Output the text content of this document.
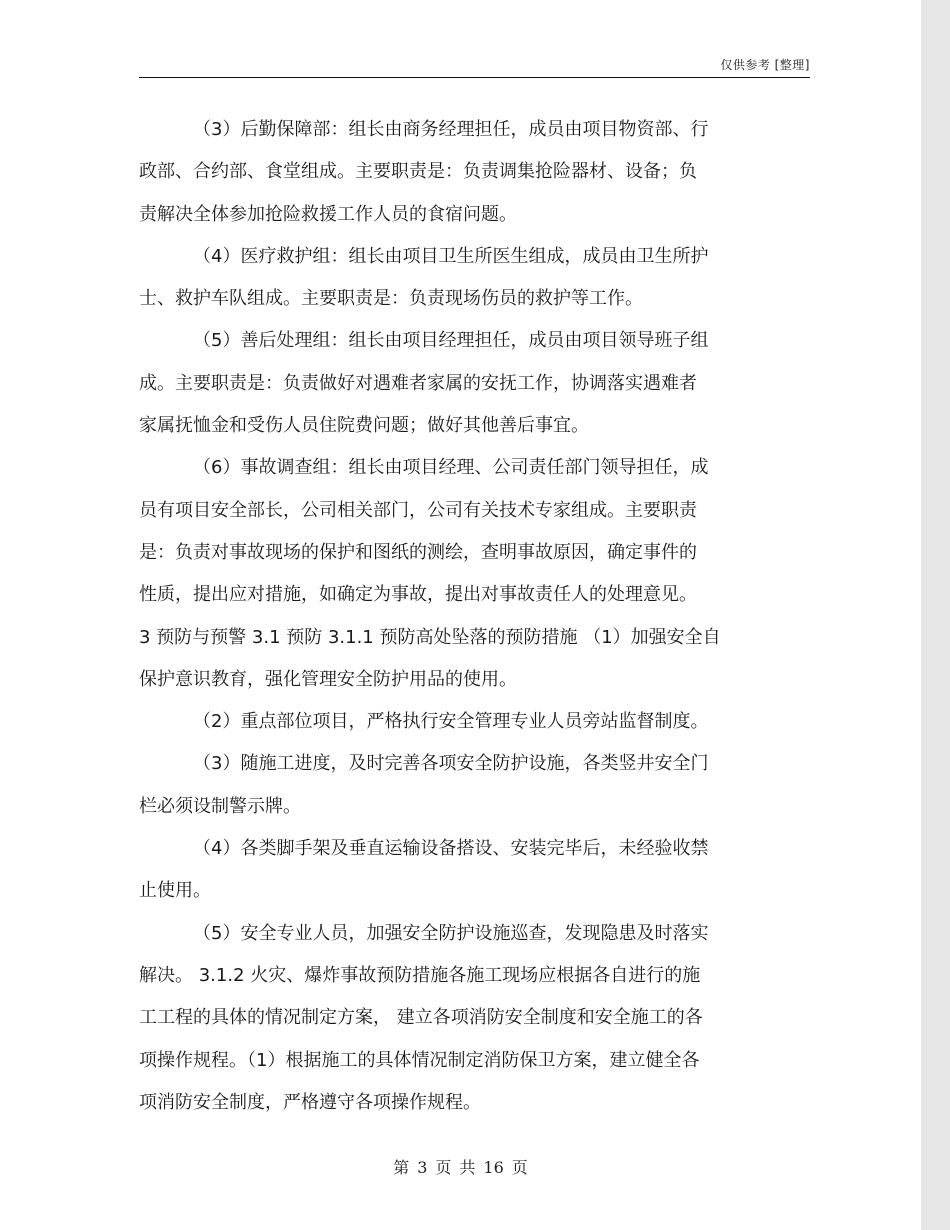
仅供参考 [整理]
（3）后勤保障部：组长由商务经理担任，成员由项目物资部、行
政部、合约部、食堂组成。主要职责是：负责调集抢险器材、设备；负
责解决全体参加抢险救援工作人员的食宿问题。
（4）医疗救护组：组长由项目卫生所医生组成，成员由卫生所护
士、救护车队组成。主要职责是：负责现场伤员的救护等工作。
（5）善后处理组：组长由项目经理担任，成员由项目领导班子组
成。主要职责是：负责做好对遇难者家属的安抚工作，协调落实遇难者
家属抚恤金和受伤人员住院费问题；做好其他善后事宜。
（6）事故调查组：组长由项目经理、公司责任部门领导担任，成
员有项目安全部长，公司相关部门，公司有关技术专家组成。主要职责
是：负责对事故现场的保护和图纸的测绘，查明事故原因，确定事件的
性质，提出应对措施，如确定为事故，提出对事故责任人的处理意见。
3 预防与预警 3.1 预防 3.1.1 预防高处坠落的预防措施 （1）加强安全自
保护意识教育，强化管理安全防护用品的使用。
（2）重点部位项目，严格执行安全管理专业人员旁站监督制度。
（3）随施工进度，及时完善各项安全防护设施，各类竖井安全门
栏必须设制警示牌。
（4）各类脚手架及垂直运输设备搭设、安装完毕后，未经验收禁
止使用。
（5）安全专业人员，加强安全防护设施巡查，发现隐患及时落实
解决。 3.1.2 火灾、爆炸事故预防措施各施工现场应根据各自进行的施
工工程的具体的情况制定方案， 建立各项消防安全制度和安全施工的各
项操作规程。（1）根据施工的具体情况制定消防保卫方案，建立健全各
项消防安全制度，严格遵守各项操作规程。
第 3 页 共 16 页
